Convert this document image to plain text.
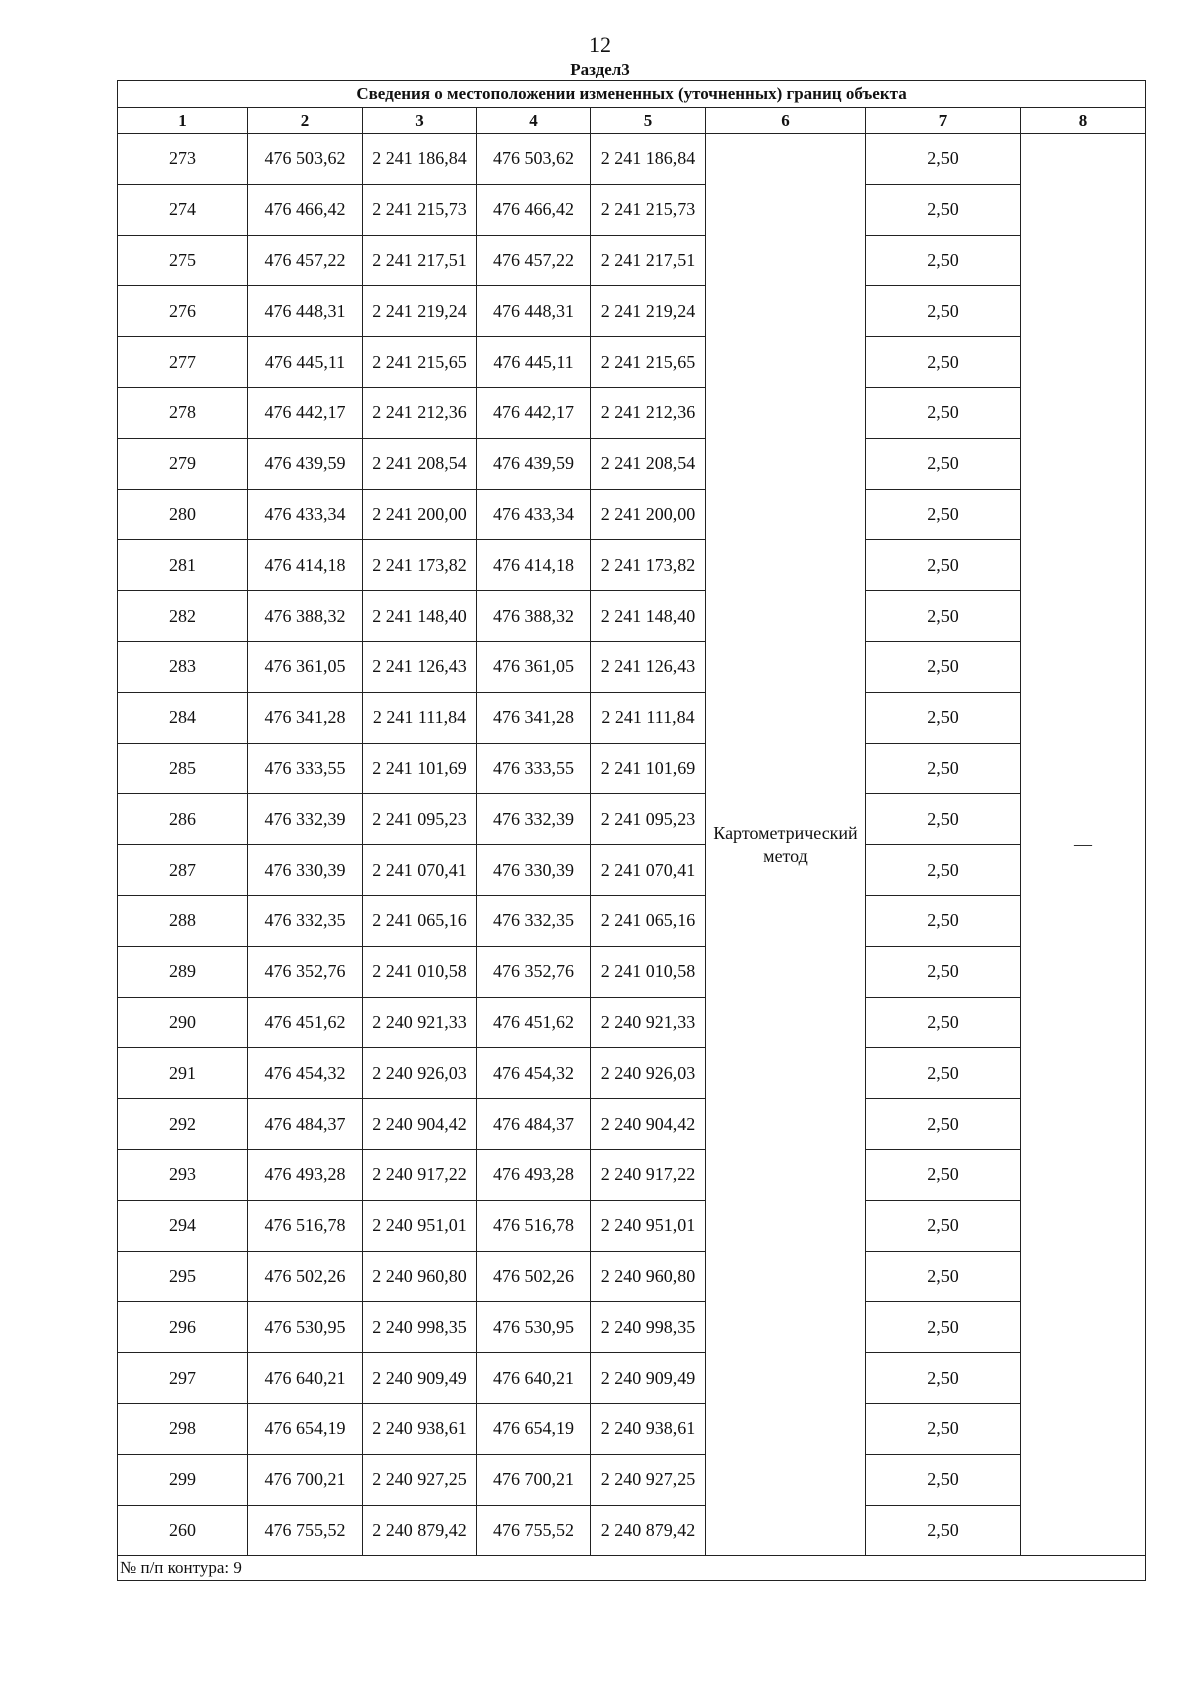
12
Раздел3
Сведения о местоположении измененных (уточненных) границ объекта							
1	2	3	4	5	6	7	8
273	476 503,62	2 241 186,84	476 503,62	2 241 186,84	Картометрический метод	2,50	—
274	476 466,42	2 241 215,73	476 466,42	2 241 215,73		2,50	
275	476 457,22	2 241 217,51	476 457,22	2 241 217,51		2,50	
276	476 448,31	2 241 219,24	476 448,31	2 241 219,24		2,50	
277	476 445,11	2 241 215,65	476 445,11	2 241 215,65		2,50	
278	476 442,17	2 241 212,36	476 442,17	2 241 212,36		2,50	
279	476 439,59	2 241 208,54	476 439,59	2 241 208,54		2,50	
280	476 433,34	2 241 200,00	476 433,34	2 241 200,00		2,50	
281	476 414,18	2 241 173,82	476 414,18	2 241 173,82		2,50	
282	476 388,32	2 241 148,40	476 388,32	2 241 148,40		2,50	
283	476 361,05	2 241 126,43	476 361,05	2 241 126,43		2,50	
284	476 341,28	2 241 111,84	476 341,28	2 241 111,84		2,50	
285	476 333,55	2 241 101,69	476 333,55	2 241 101,69		2,50	
286	476 332,39	2 241 095,23	476 332,39	2 241 095,23		2,50	
287	476 330,39	2 241 070,41	476 330,39	2 241 070,41		2,50	
288	476 332,35	2 241 065,16	476 332,35	2 241 065,16		2,50	
289	476 352,76	2 241 010,58	476 352,76	2 241 010,58		2,50	
290	476 451,62	2 240 921,33	476 451,62	2 240 921,33		2,50	
291	476 454,32	2 240 926,03	476 454,32	2 240 926,03		2,50	
292	476 484,37	2 240 904,42	476 484,37	2 240 904,42		2,50	
293	476 493,28	2 240 917,22	476 493,28	2 240 917,22		2,50	
294	476 516,78	2 240 951,01	476 516,78	2 240 951,01		2,50	
295	476 502,26	2 240 960,80	476 502,26	2 240 960,80		2,50	
296	476 530,95	2 240 998,35	476 530,95	2 240 998,35		2,50	
297	476 640,21	2 240 909,49	476 640,21	2 240 909,49		2,50	
298	476 654,19	2 240 938,61	476 654,19	2 240 938,61		2,50	
299	476 700,21	2 240 927,25	476 700,21	2 240 927,25		2,50	
260	476 755,52	2 240 879,42	476 755,52	2 240 879,42		2,50	
№ п/п контура: 9							
